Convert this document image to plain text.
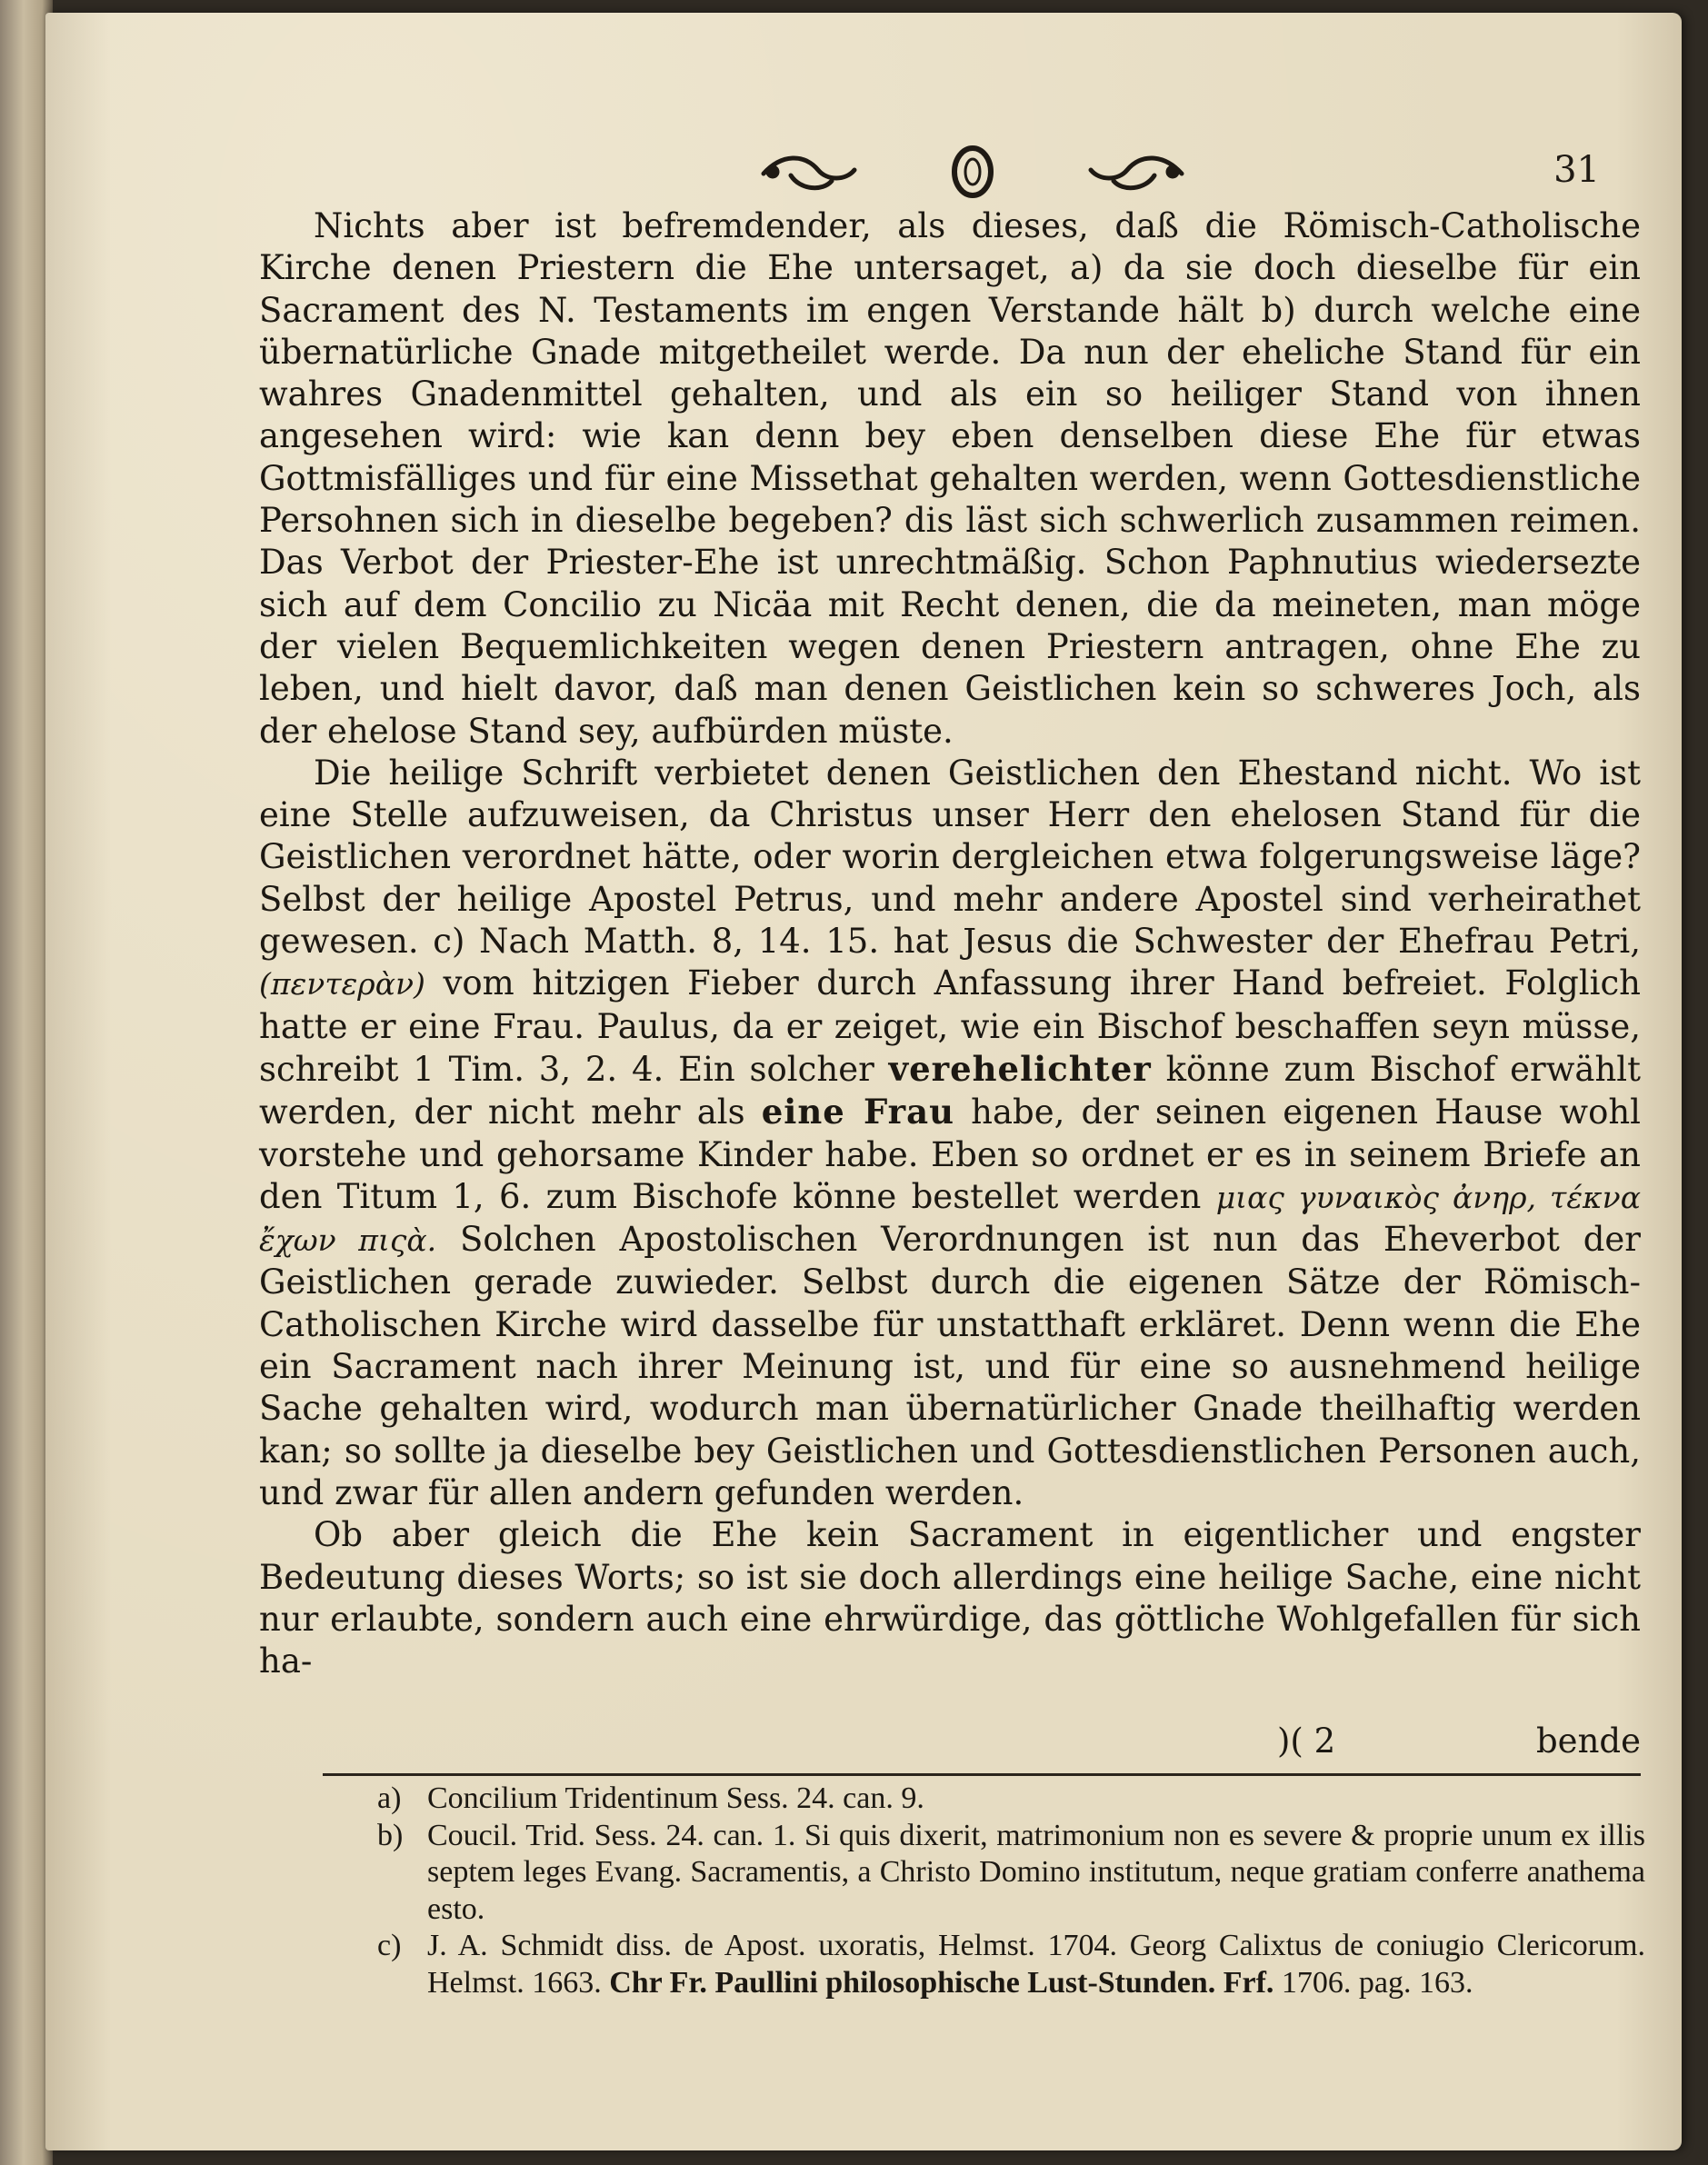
31

Nichts aber ist befremdender, als dieses, daß die Römisch-Catholische Kirche denen Priestern die Ehe untersaget, a) da sie doch dieselbe für ein Sacrament des N. Testaments im engen Verstande hält b) durch welche eine übernatürliche Gnade mitgetheilet werde. Da nun der eheliche Stand für ein wahres Gnadenmittel gehalten, und als ein so heiliger Stand von ihnen angesehen wird: wie kan denn bey eben denselben diese Ehe für etwas Gottmisfälliges und für eine Missethat gehalten werden, wenn Gottesdienstliche Persohnen sich in dieselbe begeben? dis läst sich schwerlich zusammen reimen. Das Verbot der Priester-Ehe ist unrechtmäßig. Schon Paphnutius wiedersezte sich auf dem Concilio zu Nicäa mit Recht denen, die da meineten, man möge der vielen Bequemlichkeiten wegen denen Priestern antragen, ohne Ehe zu leben, und hielt davor, daß man denen Geistlichen kein so schweres Joch, als der ehelose Stand sey, aufbürden müste.

Die heilige Schrift verbietet denen Geistlichen den Ehestand nicht. Wo ist eine Stelle aufzuweisen, da Christus unser Herr den ehelosen Stand für die Geistlichen verordnet hätte, oder worin dergleichen etwa folgerungsweise läge? Selbst der heilige Apostel Petrus, und mehr andere Apostel sind verheirathet gewesen. c) Nach Matth. 8, 14. 15. hat Jesus die Schwester der Ehefrau Petri, (πεντερὰν) vom hitzigen Fieber durch Anfassung ihrer Hand befreiet. Folglich hatte er eine Frau. Paulus, da er zeiget, wie ein Bischof beschaffen seyn müsse, schreibt 1 Tim. 3, 2. 4. Ein solcher verehelichter könne zum Bischof erwählt werden, der nicht mehr als eine Frau habe, der seinen eigenen Hause wohl vorstehe und gehorsame Kinder habe. Eben so ordnet er es in seinem Briefe an den Titum 1, 6. zum Bischofe könne bestellet werden μιας γυναικὸς ἀνηρ, τέκνα ἔχων πιςὰ. Solchen Apostolischen Verordnungen ist nun das Eheverbot der Geistlichen gerade zuwieder. Selbst durch die eigenen Sätze der Römisch-Catholischen Kirche wird dasselbe für unstatthaft erkläret. Denn wenn die Ehe ein Sacrament nach ihrer Meinung ist, und für eine so ausnehmend heilige Sache gehalten wird, wodurch man übernatürlicher Gnade theilhaftig werden kan; so sollte ja dieselbe bey Geistlichen und Gottesdienstlichen Personen auch, und zwar für allen andern gefunden werden.

Ob aber gleich die Ehe kein Sacrament in eigentlicher und engster Bedeutung dieses Worts; so ist sie doch allerdings eine heilige Sache, eine nicht nur erlaubte, sondern auch eine ehrwürdige, das göttliche Wohlgefallen für sich ha-

)( 2	bende
a) Concilium Tridentinum Sess. 24. can. 9.
b) Coucil. Trid. Sess. 24. can. 1. Si quis dixerit, matrimonium non es severe & proprie unum ex illis septem leges Evang. Sacramentis, a Christo Domino institutum, neque gratiam conferre anathema esto.
c) J. A. Schmidt diss. de Apost. uxoratis, Helmst. 1704. Georg Calixtus de coniugio Clericorum. Helmst. 1663. Chr Fr. Paullini philosophische Lust-Stunden. Frf. 1706. pag. 163.
